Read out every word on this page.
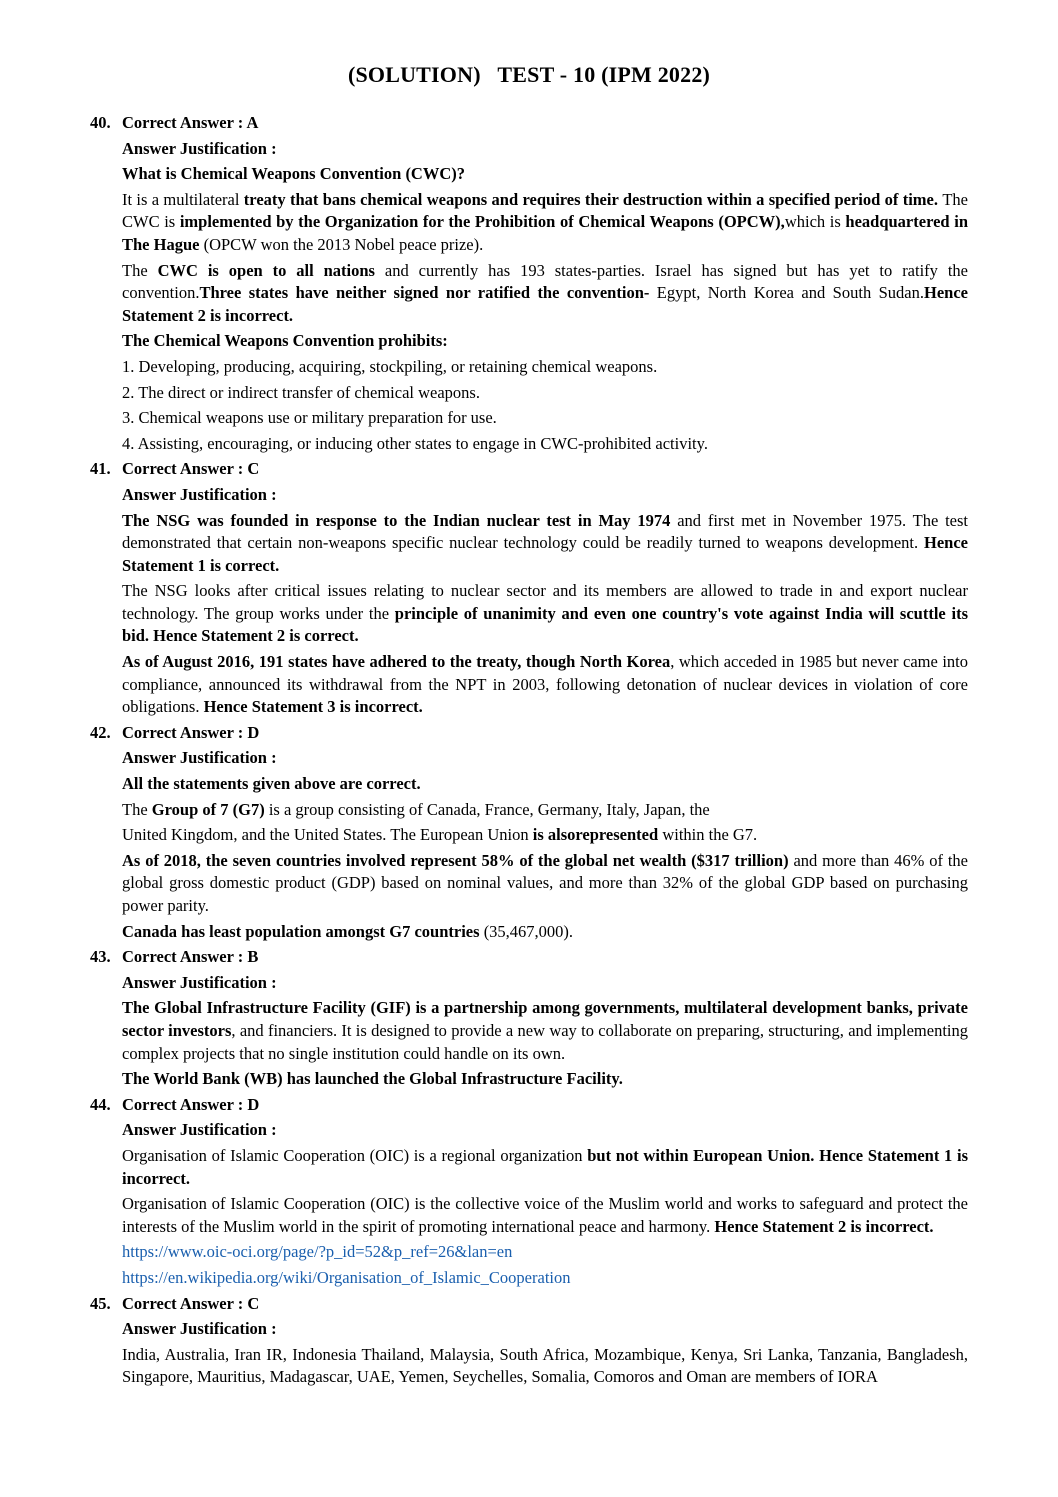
(SOLUTION)   TEST - 10 (IPM 2022)
40. Correct Answer : A
Answer Justification :
What is Chemical Weapons Convention (CWC)?
It is a multilateral treaty that bans chemical weapons and requires their destruction within a specified period of time. The CWC is implemented by the Organization for the Prohibition of Chemical Weapons (OPCW),which is headquartered in The Hague (OPCW won the 2013 Nobel peace prize).
The CWC is open to all nations and currently has 193 states-parties. Israel has signed but has yet to ratify the convention.Three states have neither signed nor ratified the convention- Egypt, North Korea and South Sudan.Hence Statement 2 is incorrect.
The Chemical Weapons Convention prohibits:
1. Developing, producing, acquiring, stockpiling, or retaining chemical weapons.
2. The direct or indirect transfer of chemical weapons.
3. Chemical weapons use or military preparation for use.
4. Assisting, encouraging, or inducing other states to engage in CWC-prohibited activity.
41. Correct Answer : C
Answer Justification :
The NSG was founded in response to the Indian nuclear test in May 1974 and first met in November 1975. The test demonstrated that certain non-weapons specific nuclear technology could be readily turned to weapons development. Hence Statement 1 is correct.
The NSG looks after critical issues relating to nuclear sector and its members are allowed to trade in and export nuclear technology. The group works under the principle of unanimity and even one country's vote against India will scuttle its bid. Hence Statement 2 is correct.
As of August 2016, 191 states have adhered to the treaty, though North Korea, which acceded in 1985 but never came into compliance, announced its withdrawal from the NPT in 2003, following detonation of nuclear devices in violation of core obligations. Hence Statement 3 is incorrect.
42. Correct Answer : D
Answer Justification :
All the statements given above are correct.
The Group of 7 (G7) is a group consisting of Canada, France, Germany, Italy, Japan, the
United Kingdom, and the United States. The European Union is alsorepresented within the G7.
As of 2018, the seven countries involved represent 58% of the global net wealth ($317 trillion) and more than 46% of the global gross domestic product (GDP) based on nominal values, and more than 32% of the global GDP based on purchasing power parity.
Canada has least population amongst G7 countries (35,467,000).
43. Correct Answer : B
Answer Justification :
The Global Infrastructure Facility (GIF) is a partnership among governments, multilateral development banks, private sector investors, and financiers. It is designed to provide a new way to collaborate on preparing, structuring, and implementing complex projects that no single institution could handle on its own.
The World Bank (WB) has launched the Global Infrastructure Facility.
44. Correct Answer : D
Answer Justification :
Organisation of Islamic Cooperation (OIC) is a regional organization but not within European Union. Hence Statement 1 is incorrect.
Organisation of Islamic Cooperation (OIC) is the collective voice of the Muslim world and works to safeguard and protect the interests of the Muslim world in the spirit of promoting international peace and harmony. Hence Statement 2 is incorrect.
https://www.oic-oci.org/page/?p_id=52&p_ref=26&lan=en
https://en.wikipedia.org/wiki/Organisation_of_Islamic_Cooperation
45. Correct Answer : C
Answer Justification :
India, Australia, Iran IR, Indonesia Thailand, Malaysia, South Africa, Mozambique, Kenya, Sri Lanka, Tanzania, Bangladesh, Singapore, Mauritius, Madagascar, UAE, Yemen, Seychelles, Somalia, Comoros and Oman are members of IORA
